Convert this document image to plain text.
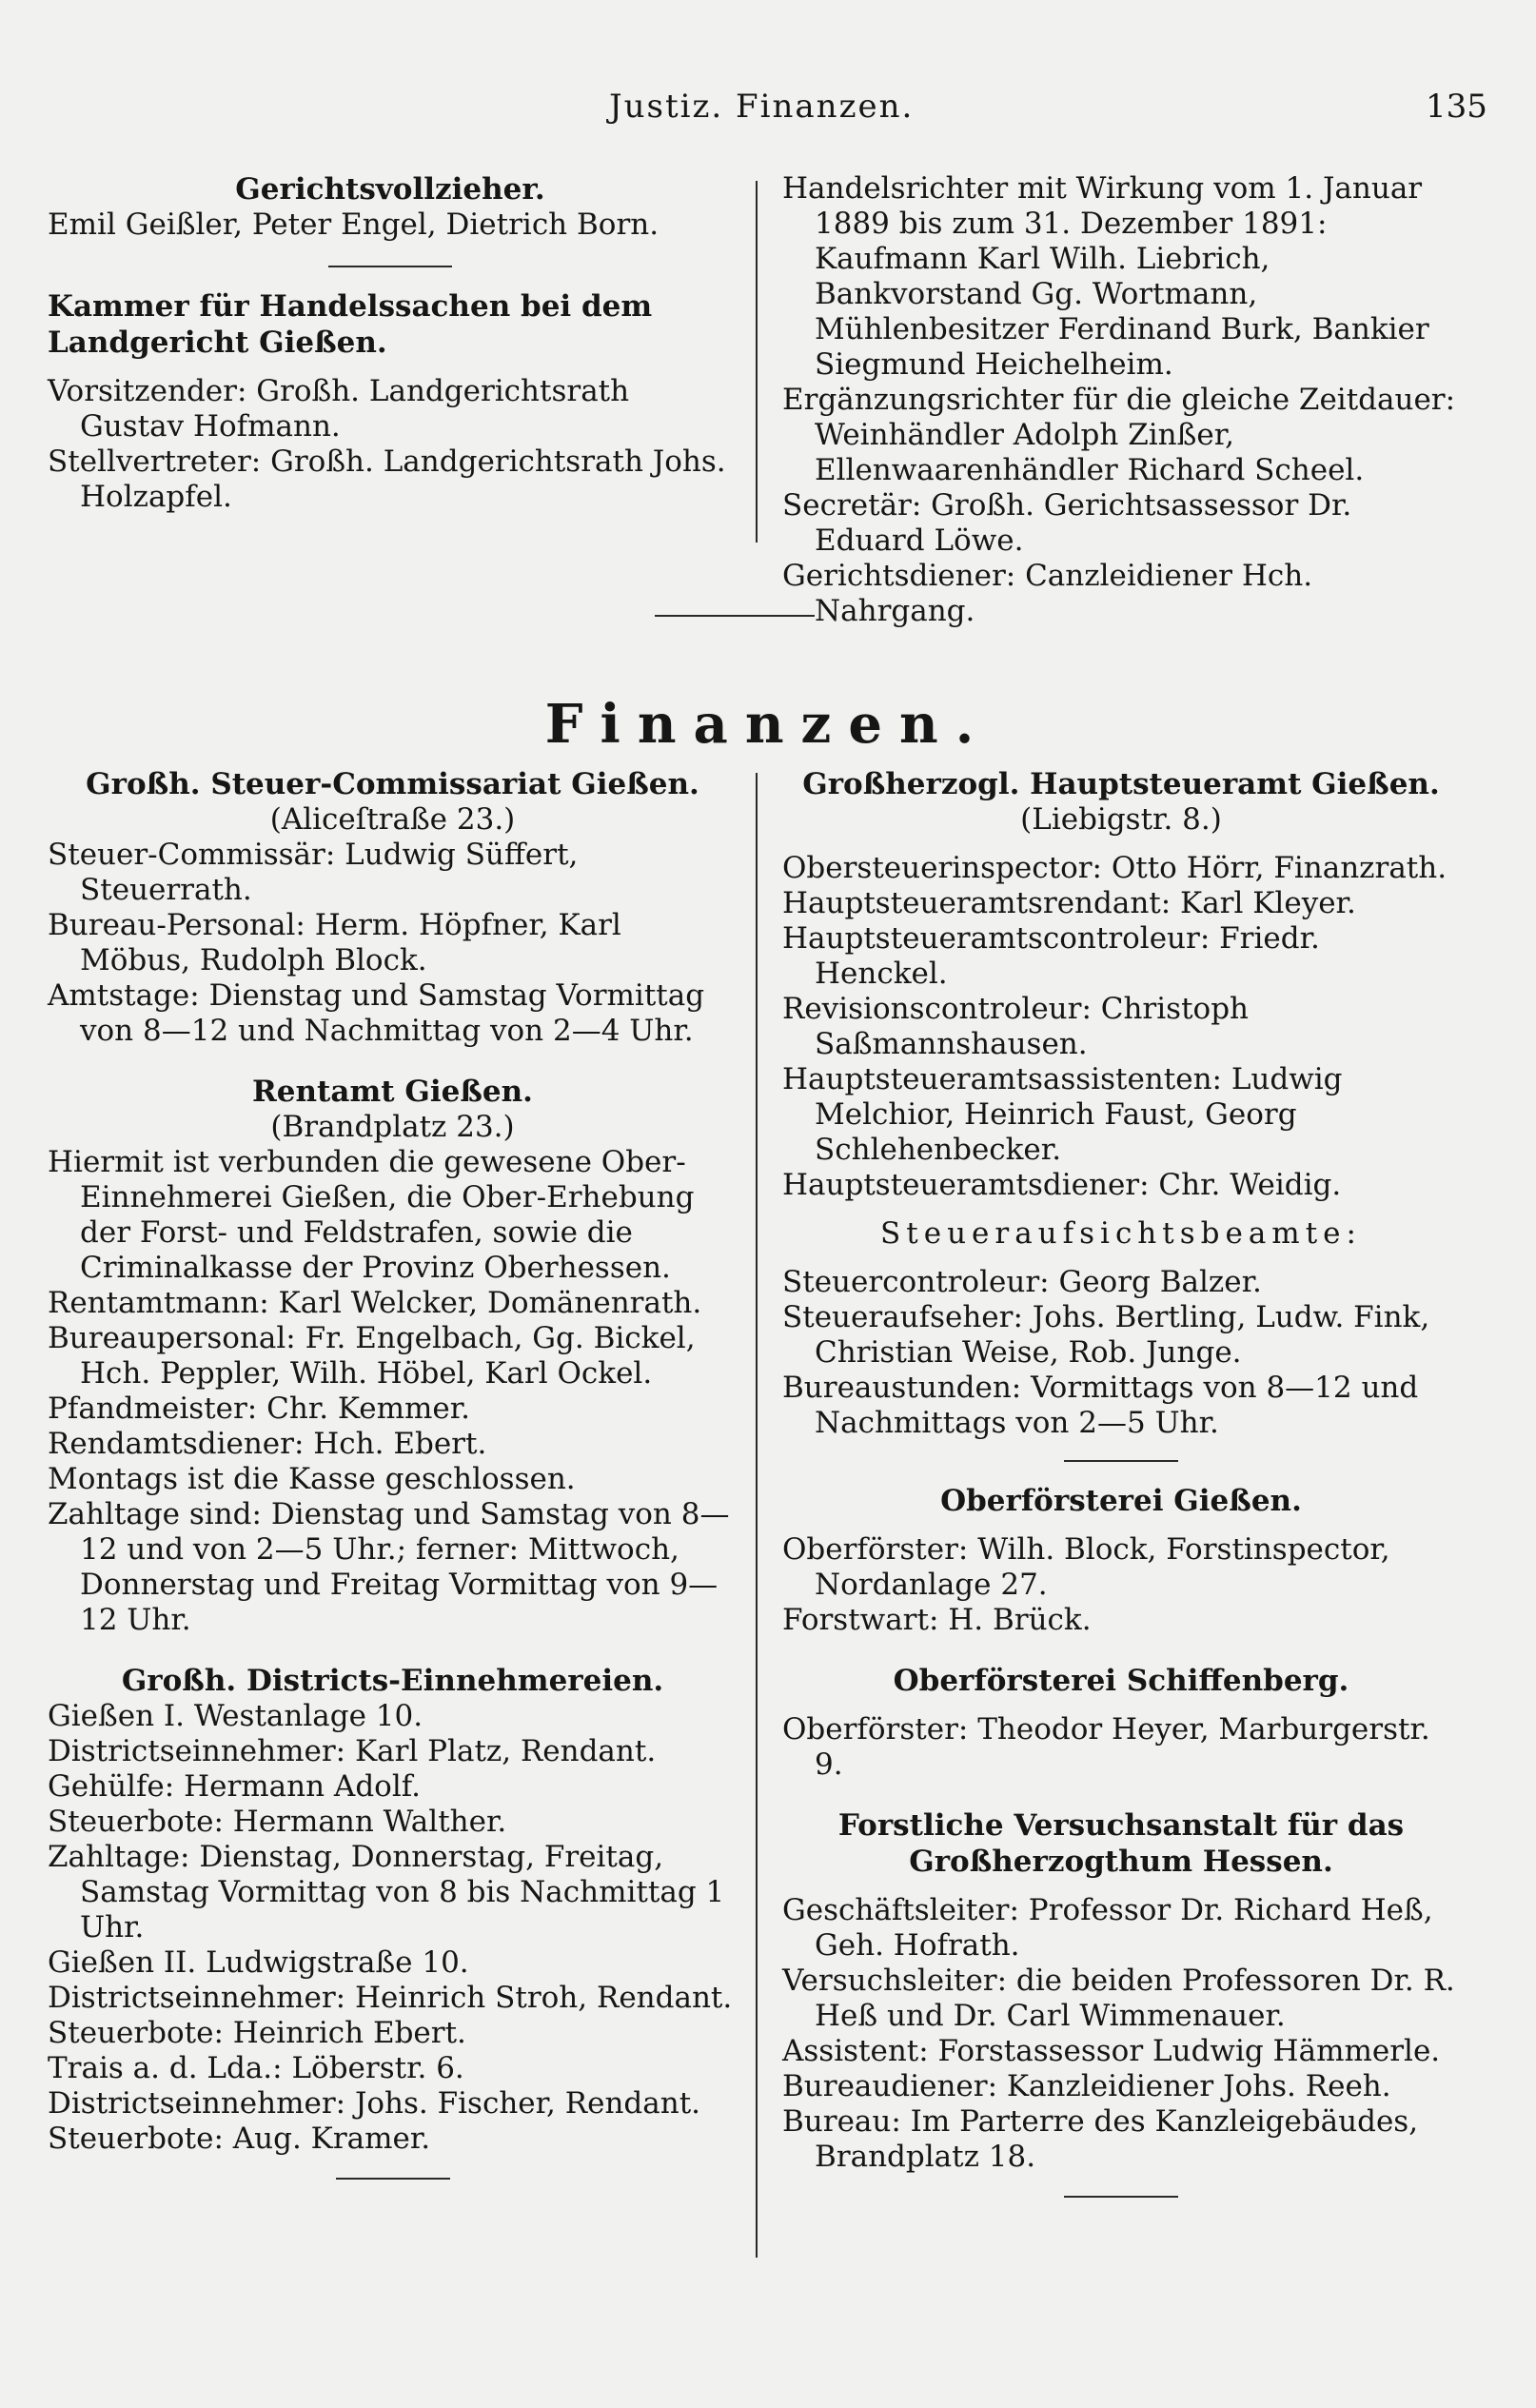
Justiz. Finanzen.	135
Gerichtsvollzieher.

Emil Geißler, Peter Engel, Dietrich Born.

Kammer für Handelssachen bei dem Landgericht Gießen.

Vorsitzender: Großh. Landgerichtsrath Gustav Hofmann.

Stellvertreter: Großh. Landgerichtsrath Johs. Holzapfel.

Handelsrichter mit Wirkung vom 1. Januar 1889 bis zum 31. Dezember 1891: Kaufmann Karl Wilh. Liebrich, Bankvorstand Gg. Wortmann, Mühlenbesitzer Ferdinand Burk, Bankier Siegmund Heichelheim.

Ergänzungsrichter für die gleiche Zeitdauer: Weinhändler Adolph Zinßer, Ellenwaarenhändler Richard Scheel.

Secretär: Großh. Gerichtsassessor Dr. Eduard Löwe.

Gerichtsdiener: Canzleidiener Hch. Nahrgang.

Finanzen.
Großh. Steuer-Commissariat Gießen.
(Aliceſtraße 23.)

Steuer-Commissär: Ludwig Süffert, Steuerrath.

Bureau-Personal: Herm. Höpfner, Karl Möbus, Rudolph Block.

Amtstage: Dienstag und Samstag Vormittag von 8—12 und Nachmittag von 2—4 Uhr.

Rentamt Gießen.
(Brandplatz 23.)

Hiermit ist verbunden die gewesene Ober-Einnehmerei Gießen, die Ober-Erhebung der Forst- und Feldstrafen, sowie die Criminalkasse der Provinz Oberhessen.

Rentamtmann: Karl Welcker, Domänenrath.

Bureaupersonal: Fr. Engelbach, Gg. Bickel, Hch. Peppler, Wilh. Höbel, Karl Ockel.

Pfandmeister: Chr. Kemmer.

Rendamtsdiener: Hch. Ebert.

Montags ist die Kasse geschlossen.

Zahltage sind: Dienstag und Samstag von 8—12 und von 2—5 Uhr.; ferner: Mittwoch, Donnerstag und Freitag Vormittag von 9—12 Uhr.

Großh. Districts-Einnehmereien.

Gießen I. Westanlage 10.

Districtseinnehmer: Karl Platz, Rendant.

Gehülfe: Hermann Adolf.

Steuerbote: Hermann Walther.

Zahltage: Dienstag, Donnerstag, Freitag, Samstag Vormittag von 8 bis Nachmittag 1 Uhr.

Gießen II. Ludwigstraße 10.

Districtseinnehmer: Heinrich Stroh, Rendant.

Steuerbote: Heinrich Ebert.

Trais a. d. Lda.: Löberstr. 6.

Districtseinnehmer: Johs. Fischer, Rendant.

Steuerbote: Aug. Kramer.

Großherzogl. Hauptsteueramt Gießen.
(Liebigstr. 8.)

Obersteuerinspector: Otto Hörr, Finanzrath.

Hauptsteueramtsrendant: Karl Kleyer.

Hauptsteueramtscontroleur: Friedr. Henckel.

Revisionscontroleur: Christoph Saßmannshausen.

Hauptsteueramtsassistenten: Ludwig Melchior, Heinrich Faust, Georg Schlehenbecker.

Hauptsteueramtsdiener: Chr. Weidig.

Steueraufsichtsbeamte:

Steuercontroleur: Georg Balzer.

Steueraufseher: Johs. Bertling, Ludw. Fink, Christian Weise, Rob. Junge.

Bureaustunden: Vormittags von 8—12 und Nachmittags von 2—5 Uhr.

Oberförsterei Gießen.

Oberförster: Wilh. Block, Forstinspector, Nordanlage 27.

Forstwart: H. Brück.

Oberförsterei Schiffenberg.

Oberförster: Theodor Heyer, Marburgerstr. 9.

Forstliche Versuchsanstalt für das Großherzogthum Hessen.

Geschäftsleiter: Professor Dr. Richard Heß, Geh. Hofrath.

Versuchsleiter: die beiden Professoren Dr. R. Heß und Dr. Carl Wimmenauer.

Assistent: Forstassessor Ludwig Hämmerle.

Bureaudiener: Kanzleidiener Johs. Reeh.

Bureau: Im Parterre des Kanzleigebäudes, Brandplatz 18.
